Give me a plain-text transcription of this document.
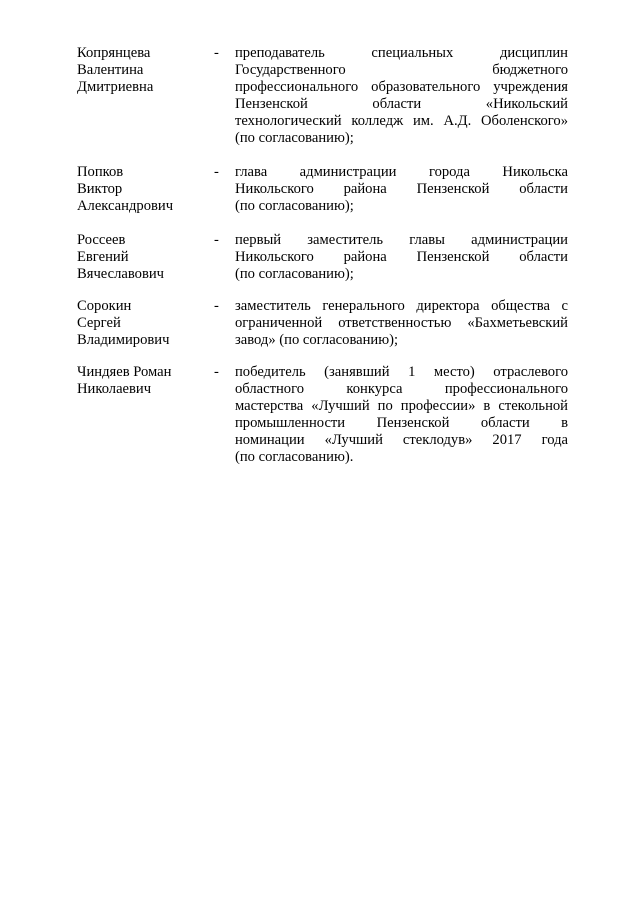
Копрянцева
Валентина
Дмитриевна
- преподаватель специальных дисциплин
Государственного бюджетного
профессионального образовательного учреждения
Пензенской области «Никольский
технологический колледж им. А.Д. Оболенского»
(по согласованию);
Попков
Виктор
Александрович
- глава администрации города Никольска
Никольского района Пензенской области
(по согласованию);
Россеев
Евгений
Вячеславович
- первый заместитель главы администрации
Никольского района Пензенской области
(по согласованию);
Сорокин
Сергей
Владимирович
- заместитель генерального директора общества с
ограниченной ответственностью «Бахметьевский
завод» (по согласованию);
Чиндяев Роман
Николаевич
- победитель (занявший 1 место) отраслевого
областного конкурса профессионального
мастерства «Лучший по профессии» в стекольной
промышленности Пензенской области в
номинации «Лучший стеклодув» 2017 года
(по согласованию).
